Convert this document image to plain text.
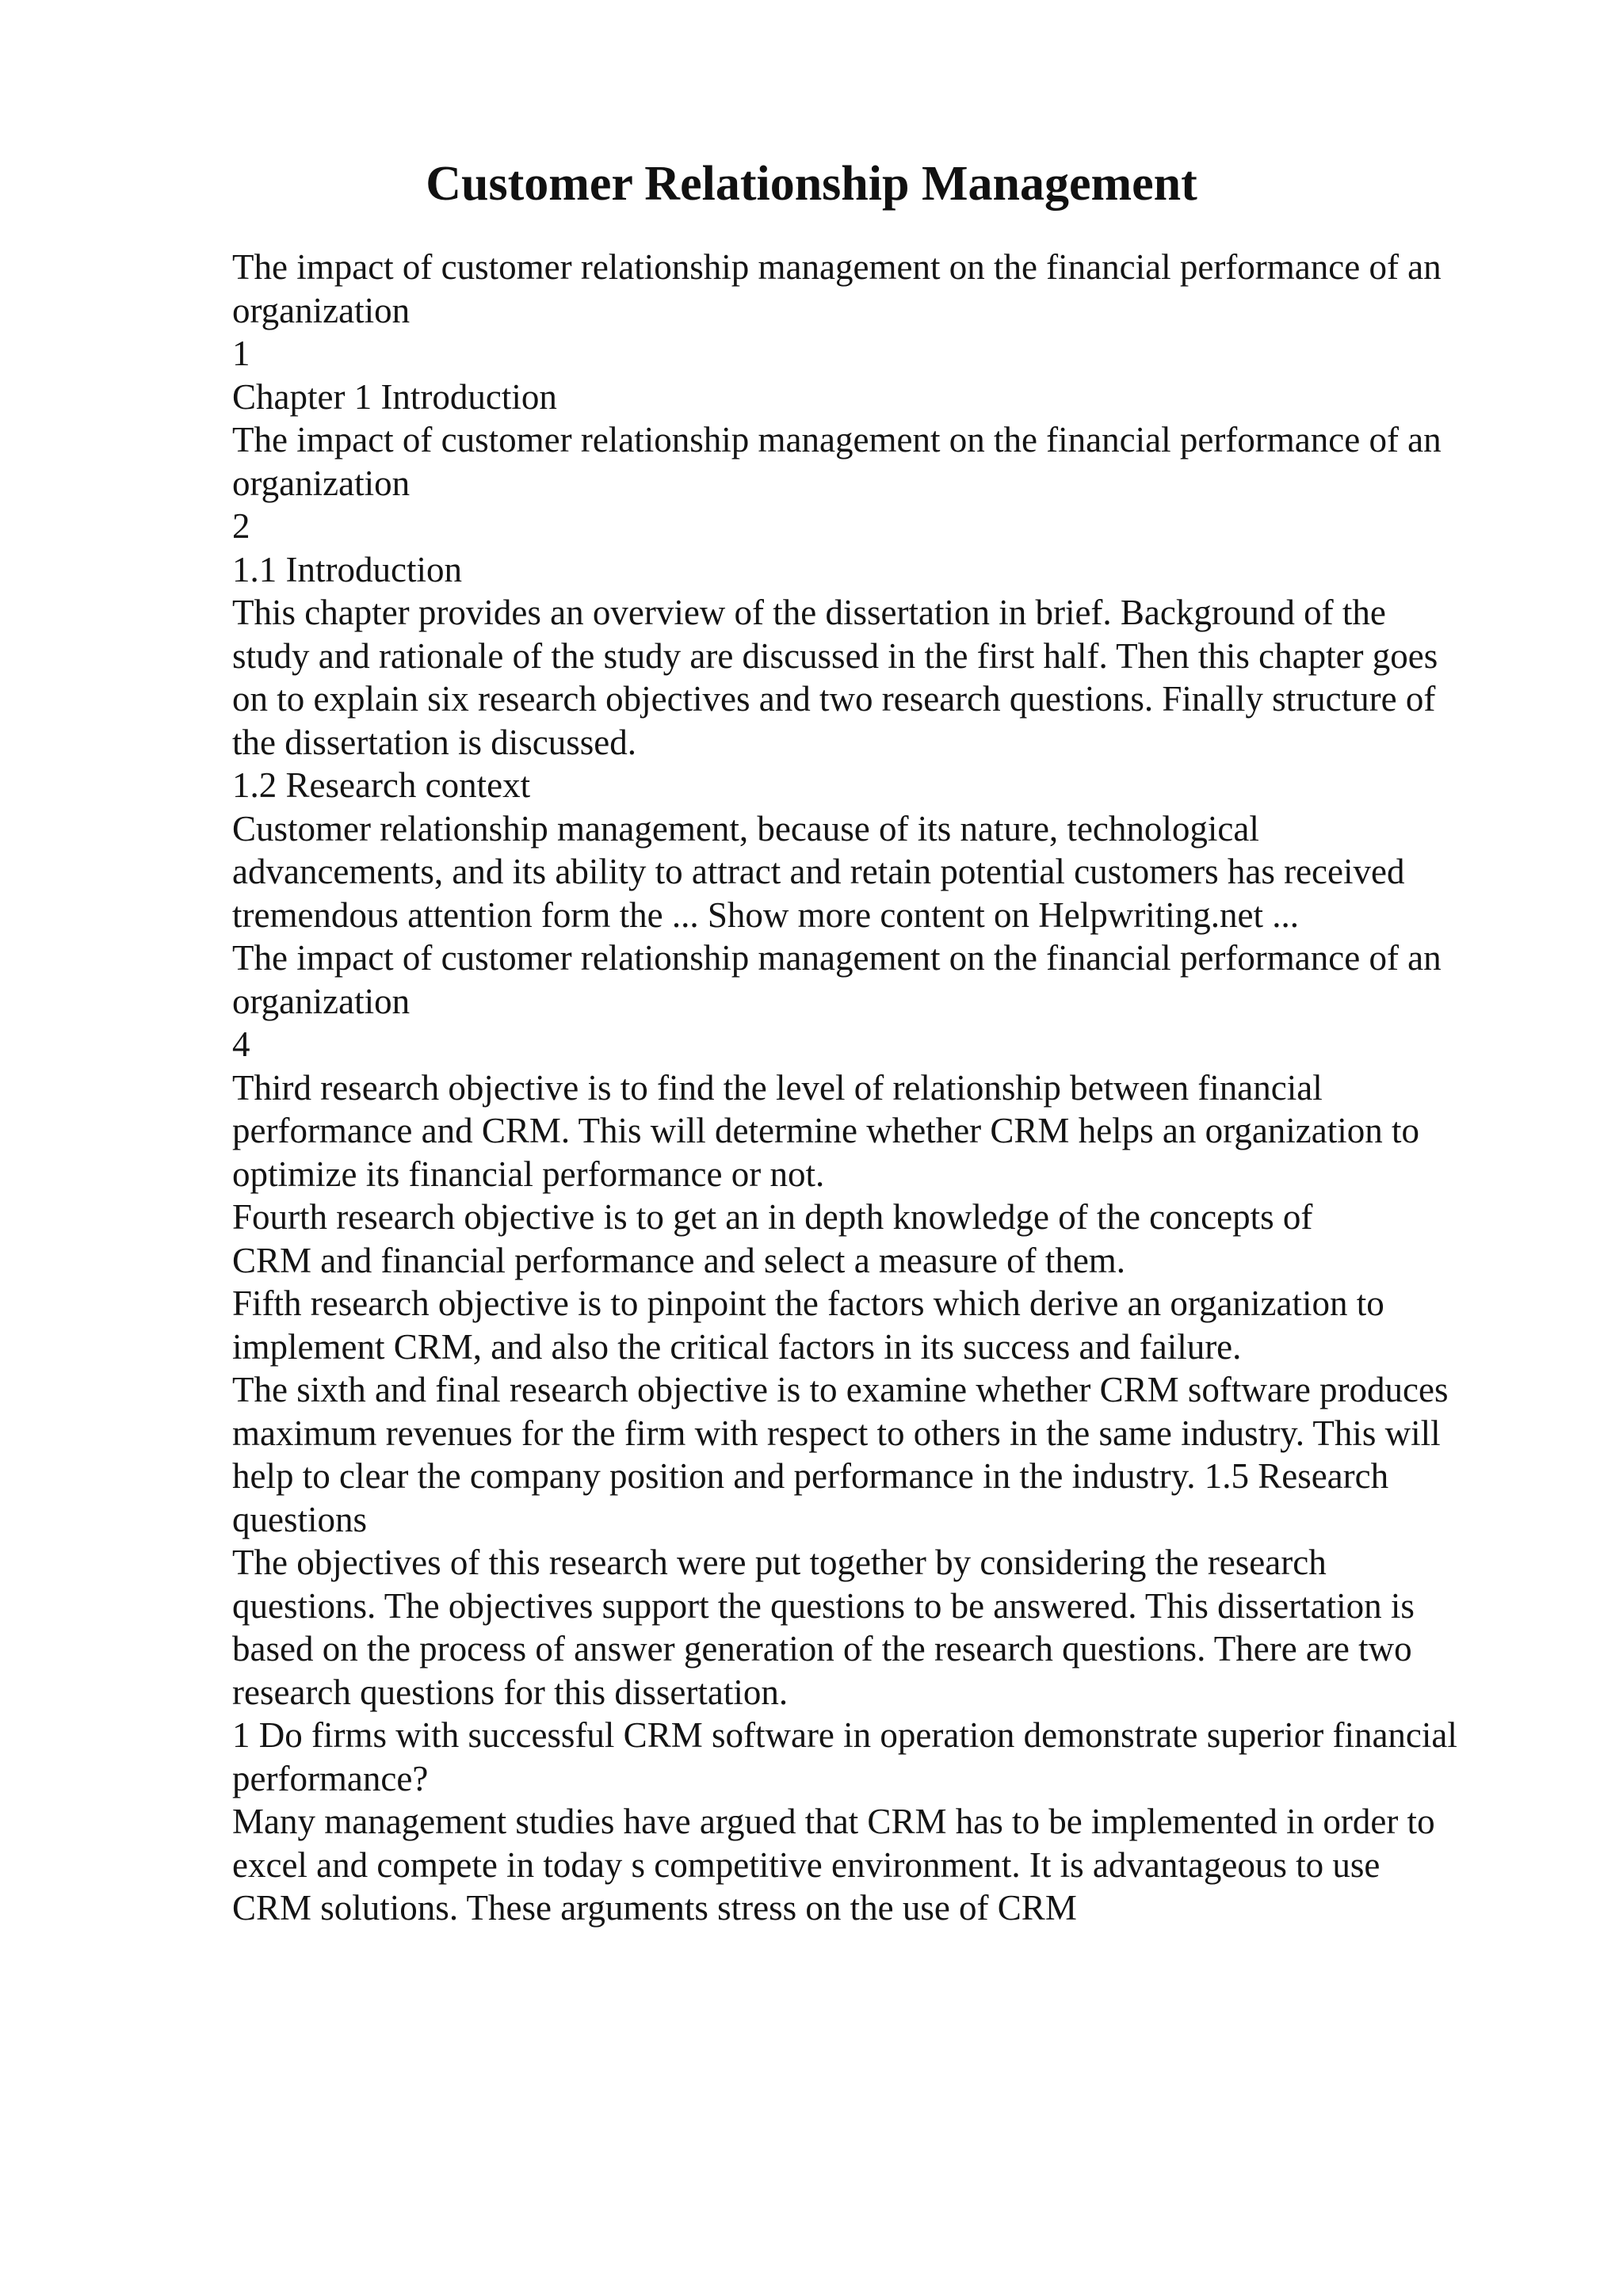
Customer Relationship Management
The impact of customer relationship management on the financial performance of an
organization
1
Chapter 1 Introduction
The impact of customer relationship management on the financial performance of an
organization
2
1.1 Introduction
This chapter provides an overview of the dissertation in brief. Background of the
study and rationale of the study are discussed in the first half. Then this chapter goes
on to explain six research objectives and two research questions. Finally structure of
the dissertation is discussed.
1.2 Research context
Customer relationship management, because of its nature, technological
advancements, and its ability to attract and retain potential customers has received
tremendous attention form the ... Show more content on Helpwriting.net ...
The impact of customer relationship management on the financial performance of an
organization
4
Third research objective is to find the level of relationship between financial
performance and CRM. This will determine whether CRM helps an organization to
optimize its financial performance or not.
Fourth research objective is to get an in depth knowledge of the concepts of
CRM and financial performance and select a measure of them.
Fifth research objective is to pinpoint the factors which derive an organization to
implement CRM, and also the critical factors in its success and failure.
The sixth and final research objective is to examine whether CRM software produces
maximum revenues for the firm with respect to others in the same industry. This will
help to clear the company position and performance in the industry. 1.5 Research
questions
The objectives of this research were put together by considering the research
questions. The objectives support the questions to be answered. This dissertation is
based on the process of answer generation of the research questions. There are two
research questions for this dissertation.
1 Do firms with successful CRM software in operation demonstrate superior financial
performance?
Many management studies have argued that CRM has to be implemented in order to
excel and compete in today s competitive environment. It is advantageous to use
CRM solutions. These arguments stress on the use of CRM
